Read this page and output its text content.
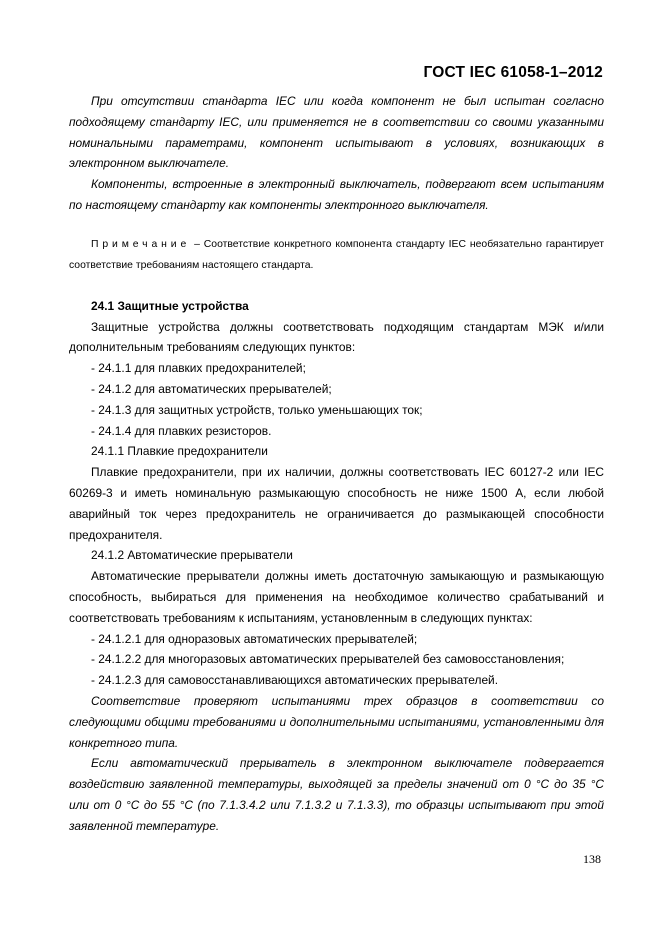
ГОСТ IEC 61058-1–2012

При отсутствии стандарта IEC или когда компонент не был испытан согласно подходящему стандарту IEC, или применяется не в соответствии со своими указанными номинальными параметрами, компонент испытывают в условиях, возникающих в электронном выключателе.

Компоненты, встроенные в электронный выключатель, подвергают всем испытаниям по настоящему стандарту как компоненты электронного выключателя.

Примечание – Соответствие конкретного компонента стандарту IEC необязательно гарантирует соответствие требованиям настоящего стандарта.

24.1 Защитные устройства

Защитные устройства должны соответствовать подходящим стандартам МЭК и/или дополнительным требованиям следующих пунктов:

- 24.1.1 для плавких предохранителей;

- 24.1.2 для автоматических прерывателей;

- 24.1.3 для защитных устройств, только уменьшающих ток;

- 24.1.4 для плавких резисторов.

24.1.1 Плавкие предохранители

Плавкие предохранители, при их наличии, должны соответствовать IEC 60127-2 или IEC 60269-3 и иметь номинальную размыкающую способность не ниже 1500 А, если любой аварийный ток через предохранитель не ограничивается до размыкающей способности предохранителя.

24.1.2 Автоматические прерыватели

Автоматические прерыватели должны иметь достаточную замыкающую и размыкающую способность, выбираться для применения на необходимое количество срабатываний и соответствовать требованиям к испытаниям, установленным в следующих пунктах:

- 24.1.2.1 для одноразовых автоматических прерывателей;

- 24.1.2.2 для многоразовых автоматических прерывателей без самовосстановления;

- 24.1.2.3 для самовосстанавливающихся автоматических прерывателей.

Соответствие проверяют испытаниями трех образцов в соответствии со следующими общими требованиями и дополнительными испытаниями, установленными для конкретного типа.

Если автоматический прерыватель в электронном выключателе подвергается воздействию заявленной температуры, выходящей за пределы значений от 0 °C до 35 °C или от 0 °C до 55 °C (по 7.1.3.4.2 или 7.1.3.2 и 7.1.3.3), то образцы испытывают при этой заявленной температуре.

138
